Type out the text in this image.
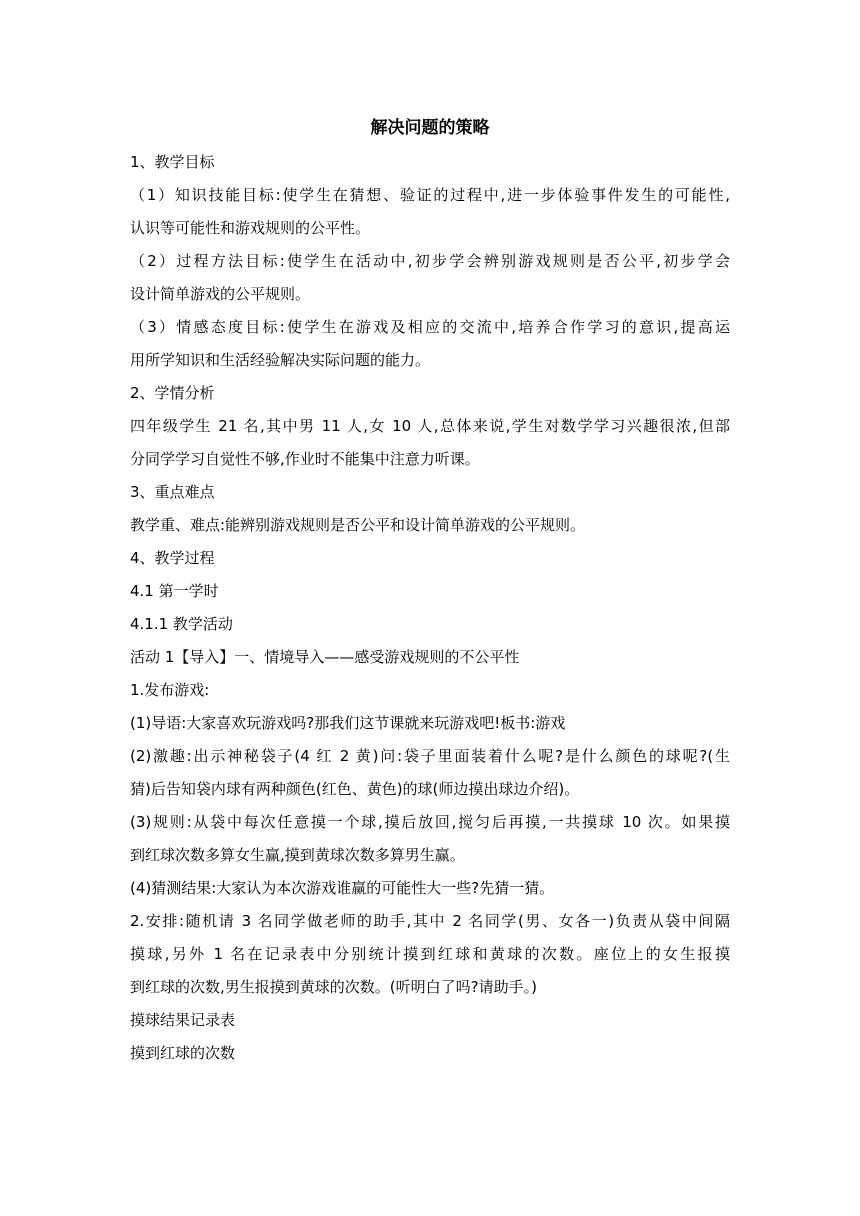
解决问题的策略
1、教学目标
（1）知识技能目标:使学生在猜想、验证的过程中,进一步体验事件发生的可能性,
认识等可能性和游戏规则的公平性。
（2）过程方法目标:使学生在活动中,初步学会辨别游戏规则是否公平,初步学会
设计简单游戏的公平规则。
（3）情感态度目标:使学生在游戏及相应的交流中,培养合作学习的意识,提高运
用所学知识和生活经验解决实际问题的能力。
2、学情分析
四年级学生 21 名,其中男 11 人,女 10 人,总体来说,学生对数学学习兴趣很浓,但部
分同学学习自觉性不够,作业时不能集中注意力听课。
3、重点难点
教学重、难点:能辨别游戏规则是否公平和设计简单游戏的公平规则。
4、教学过程
4.1 第一学时
4.1.1 教学活动
活动 1【导入】一、情境导入——感受游戏规则的不公平性
1.发布游戏:
(1)导语:大家喜欢玩游戏吗?那我们这节课就来玩游戏吧!板书:游戏
(2)激趣:出示神秘袋子(4 红 2 黄)问:袋子里面装着什么呢?是什么颜色的球呢?(生
猜)后告知袋内球有两种颜色(红色、黄色)的球(师边摸出球边介绍)。
(3)规则:从袋中每次任意摸一个球,摸后放回,搅匀后再摸,一共摸球 10 次。如果摸
到红球次数多算女生赢,摸到黄球次数多算男生赢。
(4)猜测结果:大家认为本次游戏谁赢的可能性大一些?先猜一猜。
2.安排:随机请 3 名同学做老师的助手,其中 2 名同学(男、女各一)负责从袋中间隔
摸球,另外 1 名在记录表中分别统计摸到红球和黄球的次数。座位上的女生报摸
到红球的次数,男生报摸到黄球的次数。(听明白了吗?请助手。)
摸球结果记录表
摸到红球的次数
